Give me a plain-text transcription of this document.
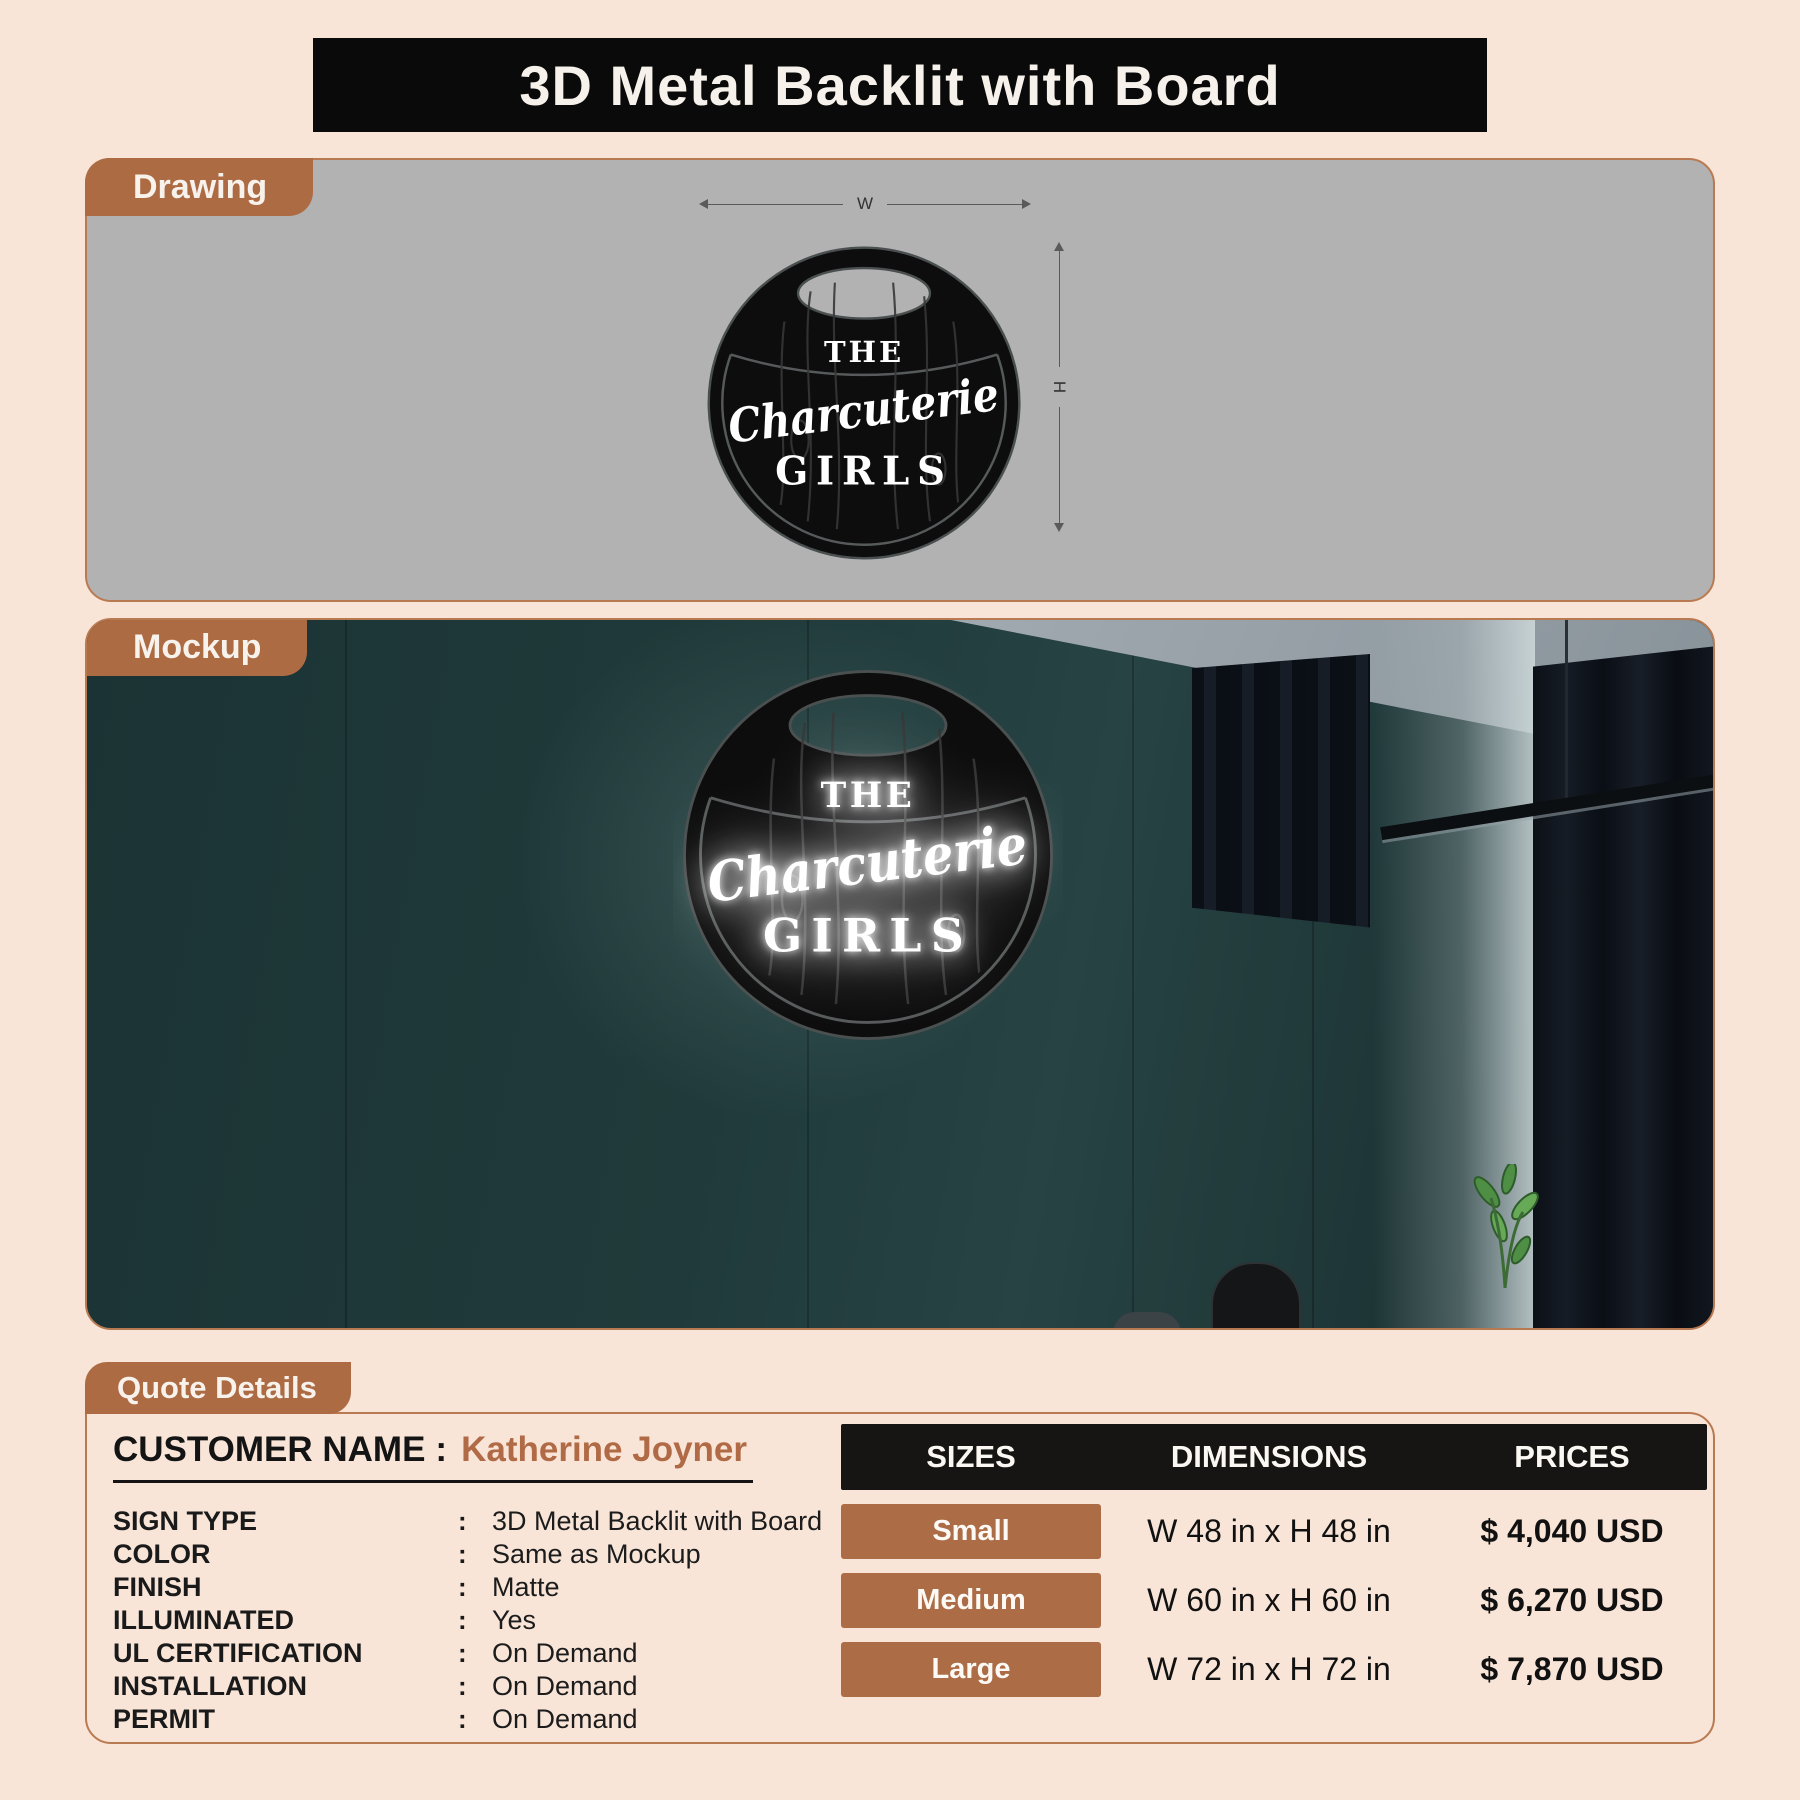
3D Metal Backlit with Board
Drawing	W
H
Mockup
Quote Details
CUSTOMER NAME : Katherine Joyner
SIGN TYPE	: 3D Metal Backlit with Board
COLOR	: Same as Mockup
FINISH	: Matte
ILLUMINATED	: Yes
UL CERTIFICATION	: On Demand
INSTALLATION	: On Demand
PERMIT	: On Demand
SIZES	DIMENSIONS	PRICES
Small	W 48 in x H 48 in	$ 4,040 USD
Medium	W 60 in x H 60 in	$ 6,270 USD
Large	W 72 in x H 72 in	$ 7,870 USD
